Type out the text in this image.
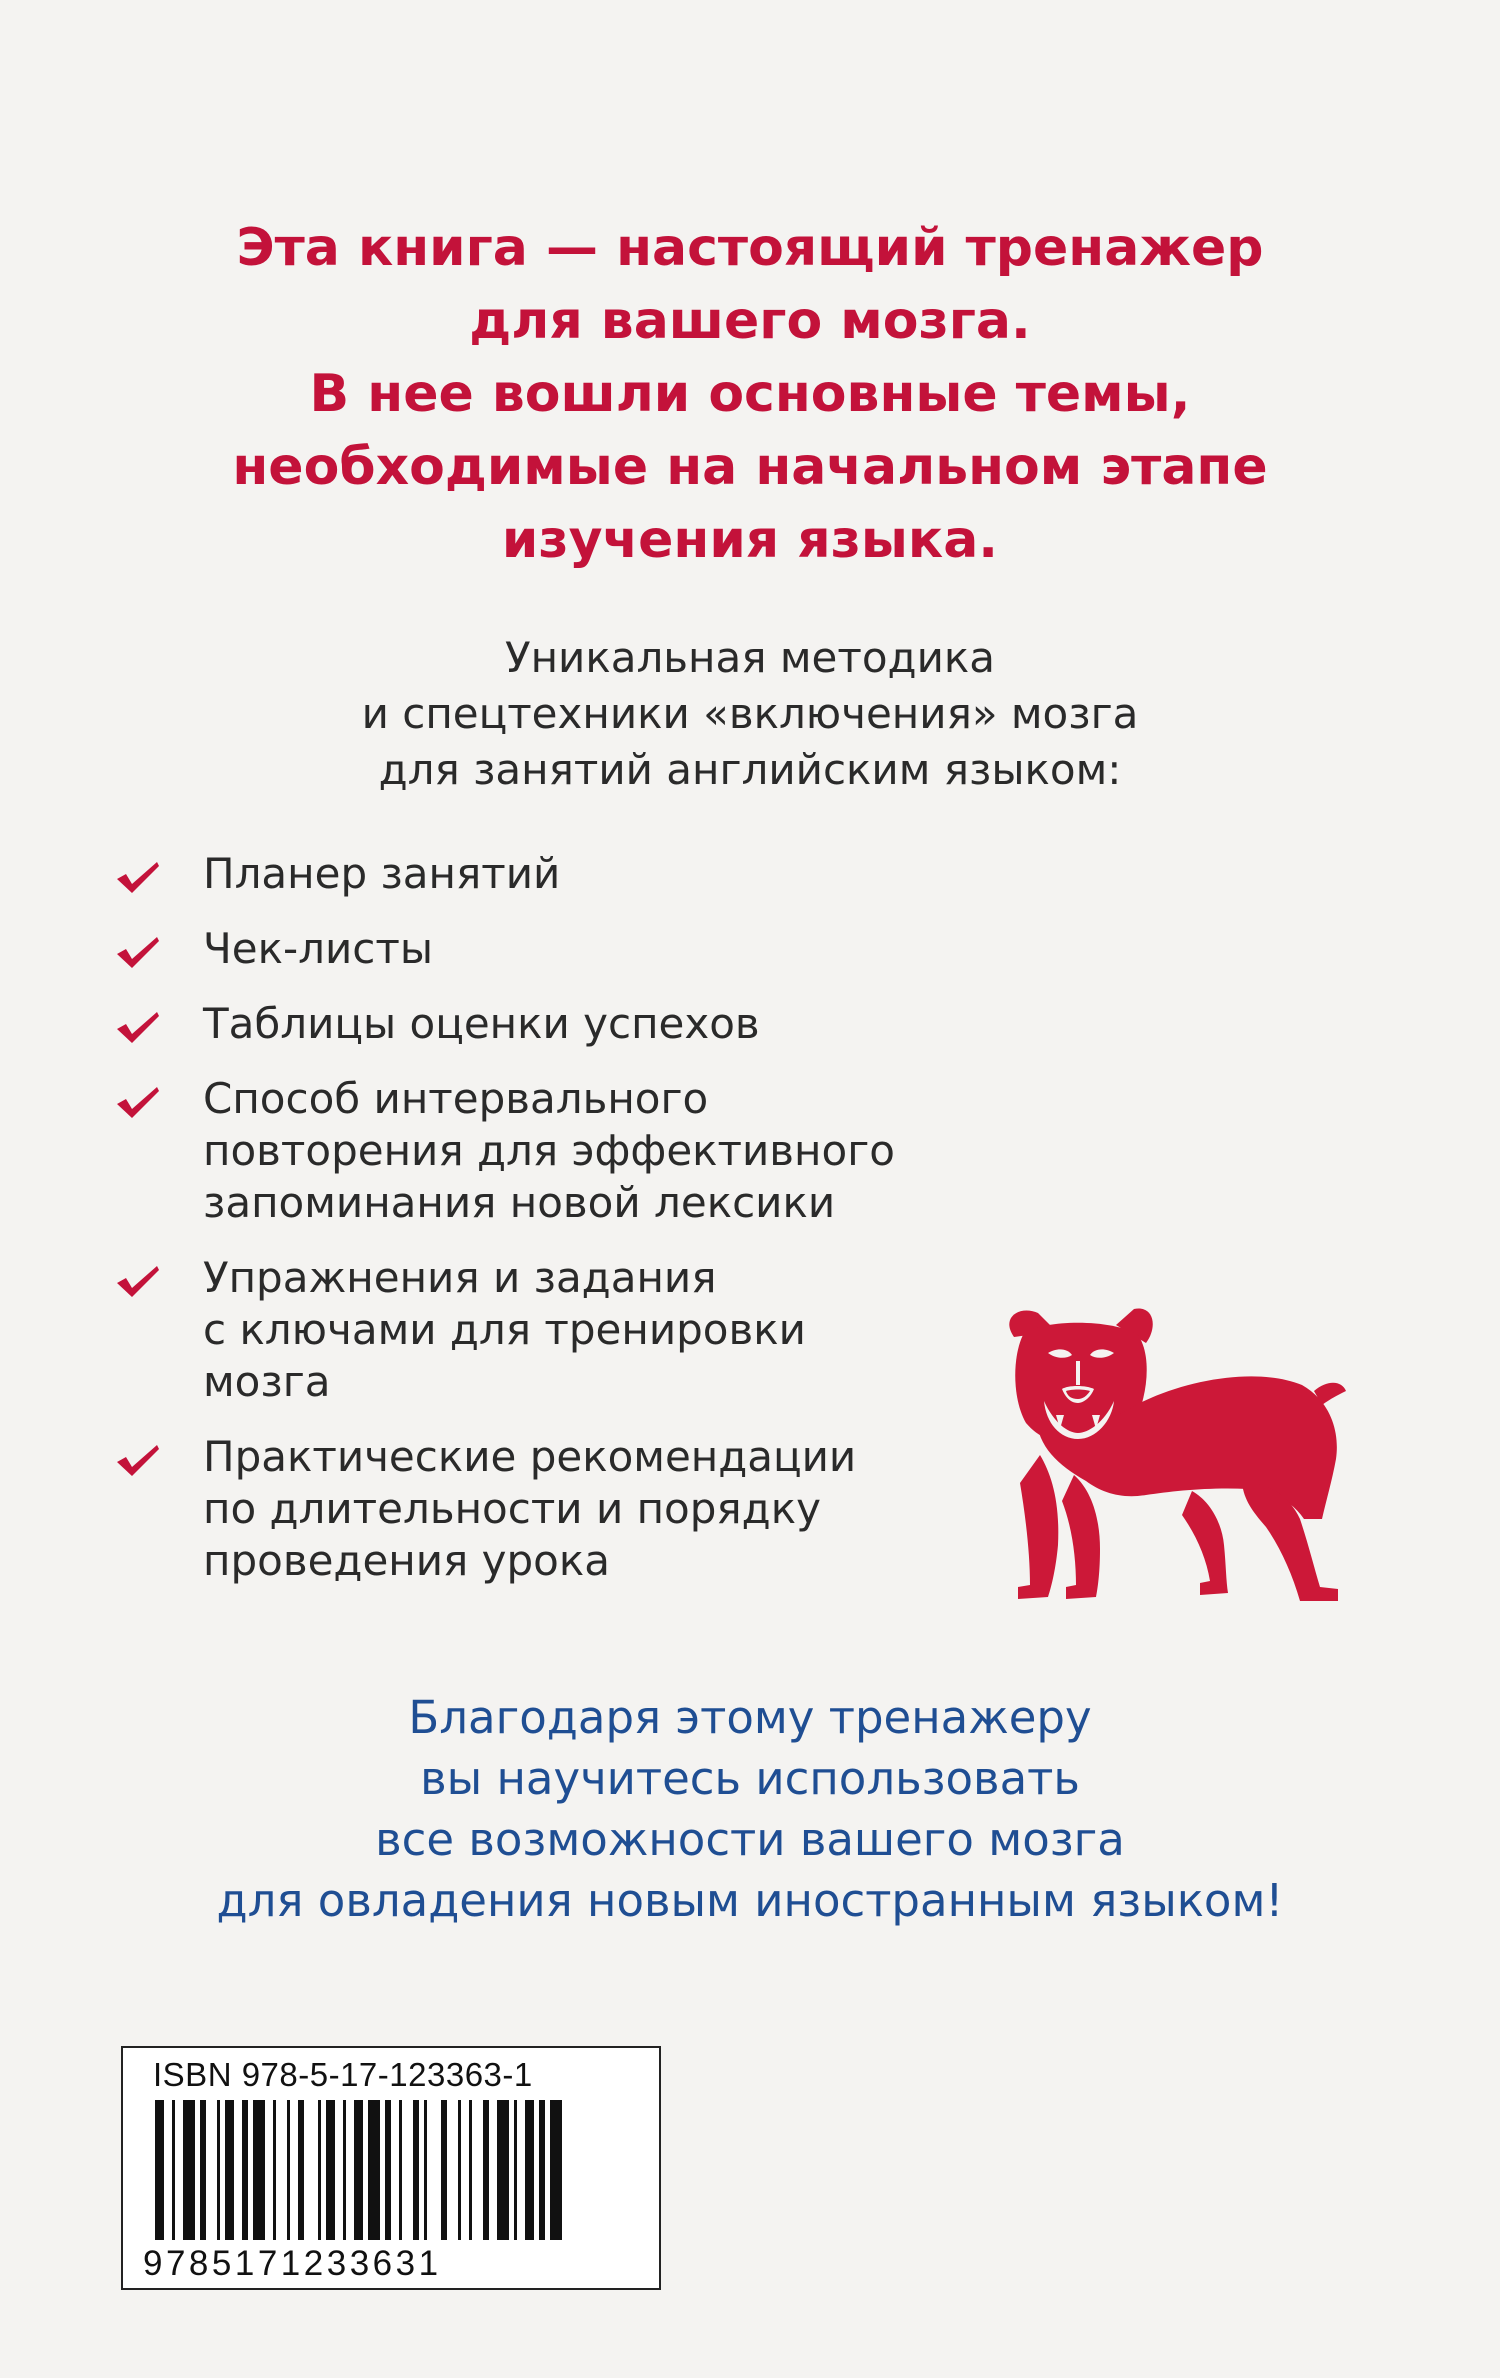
Эта книга — настоящий тренажер
для вашего мозга.
В нее вошли основные темы,
необходимые на начальном этапе
изучения языка.
Уникальная методика
и спецтехники «включения» мозга
для занятий английским языком:
Планер занятий
Чек-листы
Таблицы оценки успехов
Способ интервального
повторения для эффективного
запоминания новой лексики
Упражнения и задания
с ключами для тренировки
мозга
Практические рекомендации
по длительности и порядку
проведения урока
Благодаря этому тренажеру
вы научитесь использовать
все возможности вашего мозга
для овладения новым иностранным языком!
ISBN 978-5-17-123363-1
9785171233631
